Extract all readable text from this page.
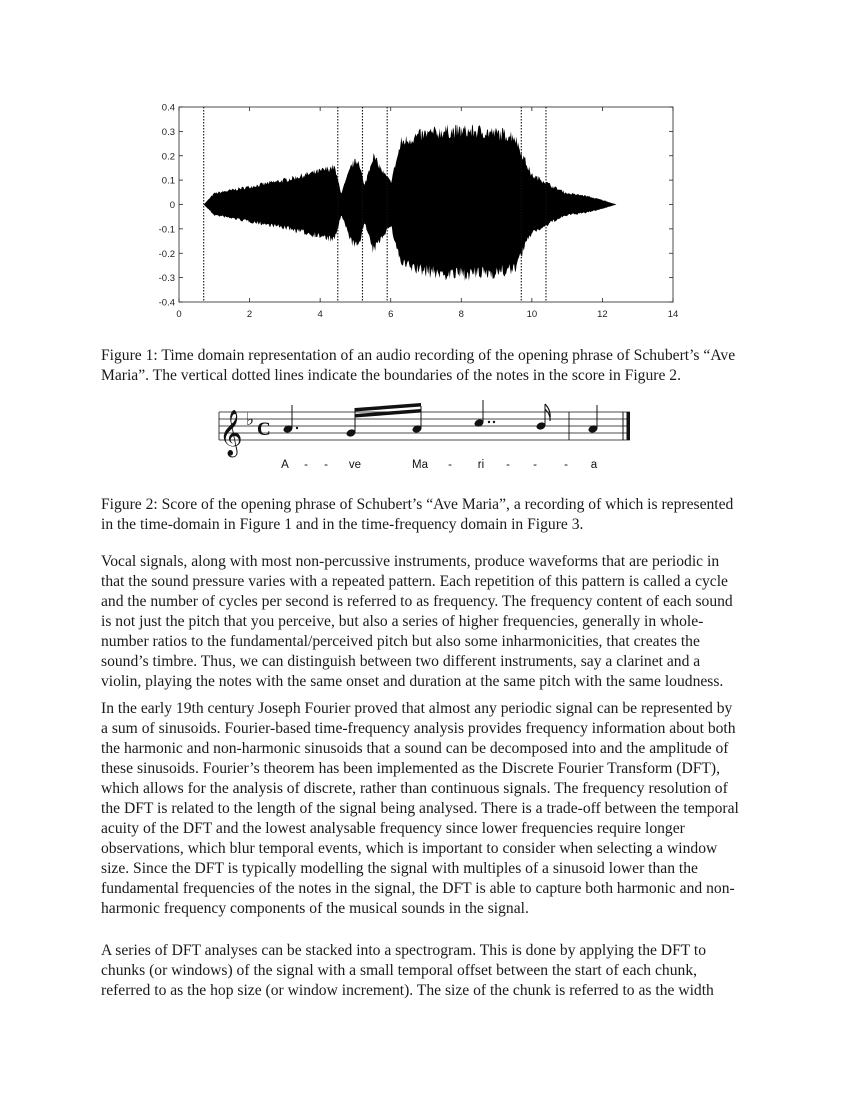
0.4
0.3
0.2
0.1
0
-0.1
-0.2
-0.3
-0.4
0	2	4	6	8	10	12	14

Figure 1: Time domain representation of an audio recording of the opening phrase of Schubert’s “Ave Maria”. The vertical dotted lines indicate the boundaries of the notes in the score in Figure 2.

𝄞 ♭ C
A - - ve	Ma - ri - - - a

Figure 2: Score of the opening phrase of Schubert’s “Ave Maria”, a recording of which is represented in the time-domain in Figure 1 and in the time-frequency domain in Figure 3.

Vocal signals, along with most non-percussive instruments, produce waveforms that are periodic in that the sound pressure varies with a repeated pattern. Each repetition of this pattern is called a cycle and the number of cycles per second is referred to as frequency. The frequency content of each sound is not just the pitch that you perceive, but also a series of higher frequencies, generally in whole-number ratios to the fundamental/perceived pitch but also some inharmonicities, that creates the sound’s timbre. Thus, we can distinguish between two different instruments, say a clarinet and a violin, playing the notes with the same onset and duration at the same pitch with the same loudness.

In the early 19th century Joseph Fourier proved that almost any periodic signal can be represented by a sum of sinusoids. Fourier-based time-frequency analysis provides frequency information about both the harmonic and non-harmonic sinusoids that a sound can be decomposed into and the amplitude of these sinusoids. Fourier’s theorem has been implemented as the Discrete Fourier Transform (DFT), which allows for the analysis of discrete, rather than continuous signals. The frequency resolution of the DFT is related to the length of the signal being analysed. There is a trade-off between the temporal acuity of the DFT and the lowest analysable frequency since lower frequencies require longer observations, which blur temporal events, which is important to consider when selecting a window size. Since the DFT is typically modelling the signal with multiples of a sinusoid lower than the fundamental frequencies of the notes in the signal, the DFT is able to capture both harmonic and non-harmonic frequency components of the musical sounds in the signal.

A series of DFT analyses can be stacked into a spectrogram. This is done by applying the DFT to chunks (or windows) of the signal with a small temporal offset between the start of each chunk, referred to as the hop size (or window increment). The size of the chunk is referred to as the width
